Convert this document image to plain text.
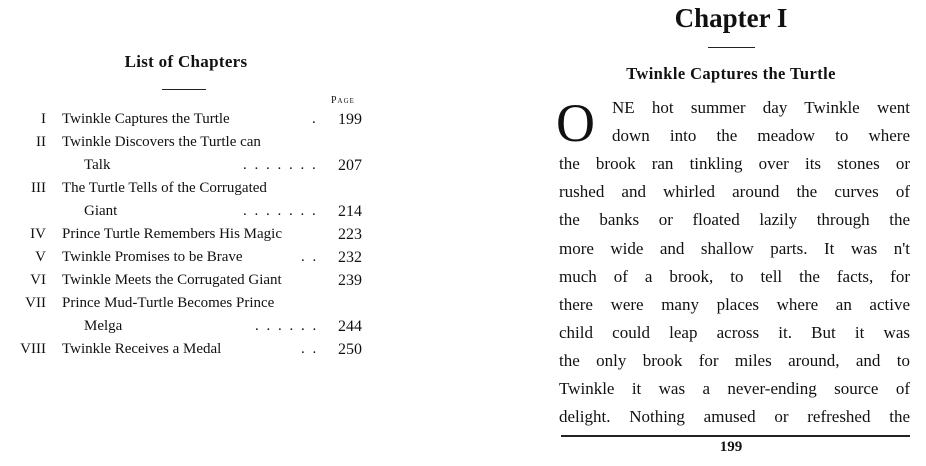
List of Chapters
Page
I Twinkle Captures the Turtle	.	199
II Twinkle Discovers the Turtle can
Talk	. . . . . . .	207
III The Turtle Tells of the Corrugated
Giant	. . . . . . .	214
IV Prince Turtle Remembers His Magic	223
V Twinkle Promises to be Brave	. .	232
VI Twinkle Meets the Corrugated Giant	239
VII Prince Mud-Turtle Becomes Prince
Melga	. . . . . .	244
VIII Twinkle Receives a Medal	. .	250
Chapter I
Twinkle Captures the Turtle
O NE hot summer day Twinkle went
down into the meadow to where
the brook ran tinkling over its stones or
rushed and whirled around the curves of
the banks or floated lazily through the
more wide and shallow parts. It was n't
much of a brook, to tell the facts, for
there were many places where an active
child could leap across it. But it was
the only brook for miles around, and to
Twinkle it was a never-ending source of
delight. Nothing amused or refreshed the
199
